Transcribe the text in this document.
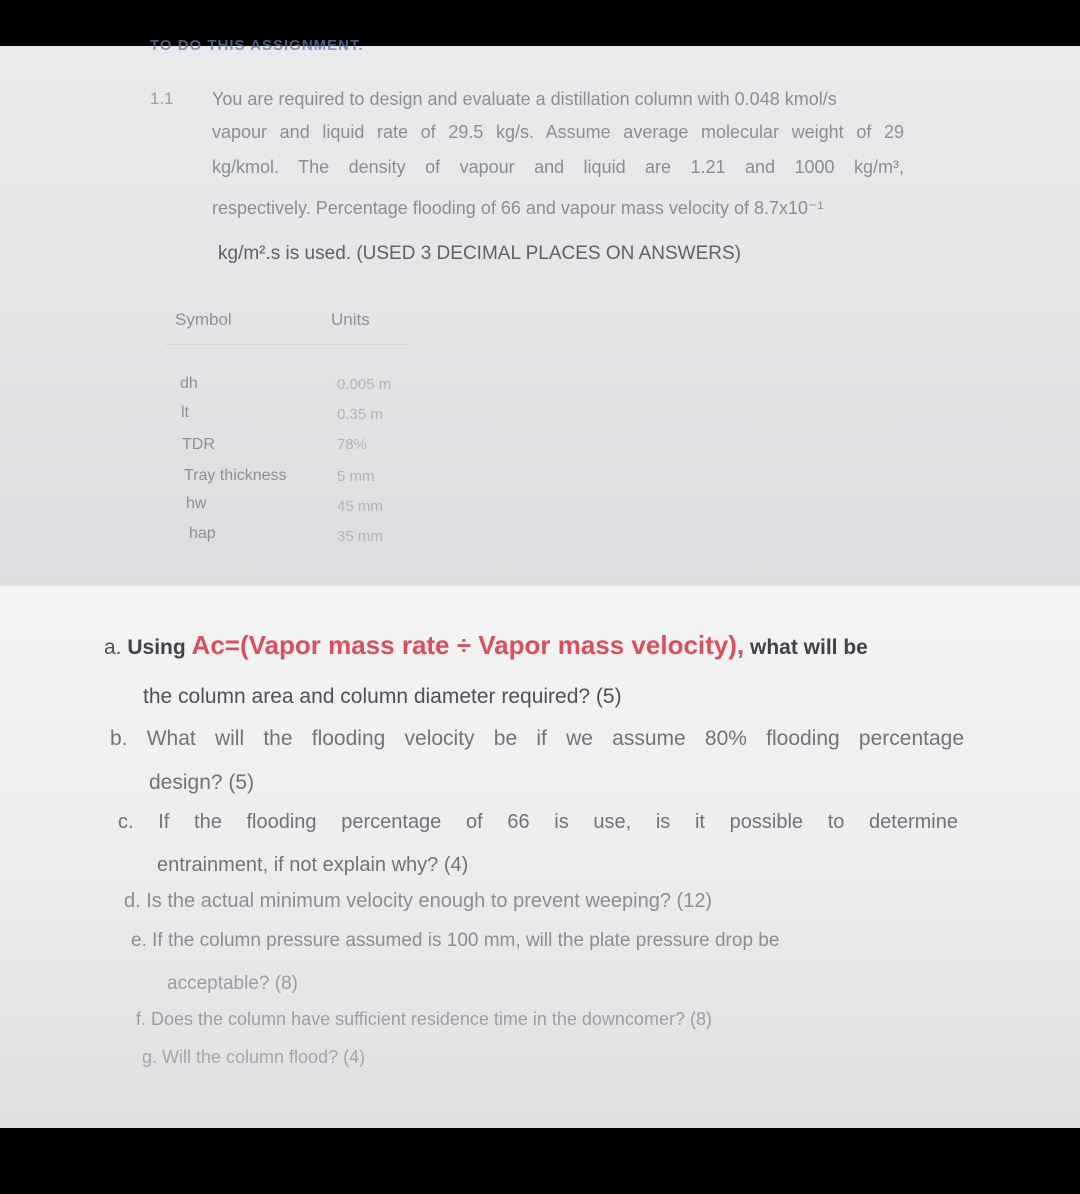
TO DO THIS ASSIGNMENT.
1.1 You are required to design and evaluate a distillation column with 0.048 kmol/s
vapour and liquid rate of 29.5 kg/s. Assume average molecular weight of 29
kg/kmol. The density of vapour and liquid are 1.21 and 1000 kg/m³,
respectively. Percentage flooding of 66 and vapour mass velocity of 8.7x10⁻¹
kg/m².s is used. (USED 3 DECIMAL PLACES ON ANSWERS)
Symbol	Units
dh	0.005 m
lt	0.35 m
TDR	78%
Tray thickness	5 mm
hw	45 mm
hap	35 mm
a. Using Ac=(Vapor mass rate ÷ Vapor mass velocity), what will be
the column area and column diameter required? (5)
b. What will the flooding velocity be if we assume 80% flooding percentage
design? (5)
c. If the flooding percentage of 66 is use, is it possible to determine
entrainment, if not explain why? (4)
d. Is the actual minimum velocity enough to prevent weeping? (12)
e. If the column pressure assumed is 100 mm, will the plate pressure drop be
acceptable? (8)
f. Does the column have sufficient residence time in the downcomer? (8)
g. Will the column flood? (4)
